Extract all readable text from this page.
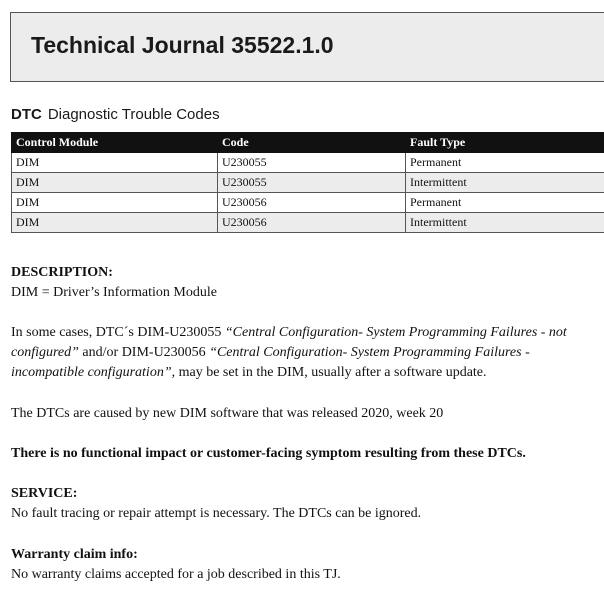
Technical Journal 35522.1.0
DTC Diagnostic Trouble Codes
Control Module	Code	Fault Type
DIM	U230055	Permanent
DIM	U230055	Intermittent
DIM	U230056	Permanent
DIM	U230056	Intermittent
DESCRIPTION:
DIM = Driver’s Information Module
In some cases, DTC´s DIM-U230055 “Central Configuration- System Programming Failures - not
configured” and/or DIM-U230056 “Central Configuration- System Programming Failures -
incompatible configuration”, may be set in the DIM, usually after a software update.
The DTCs are caused by new DIM software that was released 2020, week 20
There is no functional impact or customer-facing symptom resulting from these DTCs.
SERVICE:
No fault tracing or repair attempt is necessary. The DTCs can be ignored.
Warranty claim info:
No warranty claims accepted for a job described in this TJ.
